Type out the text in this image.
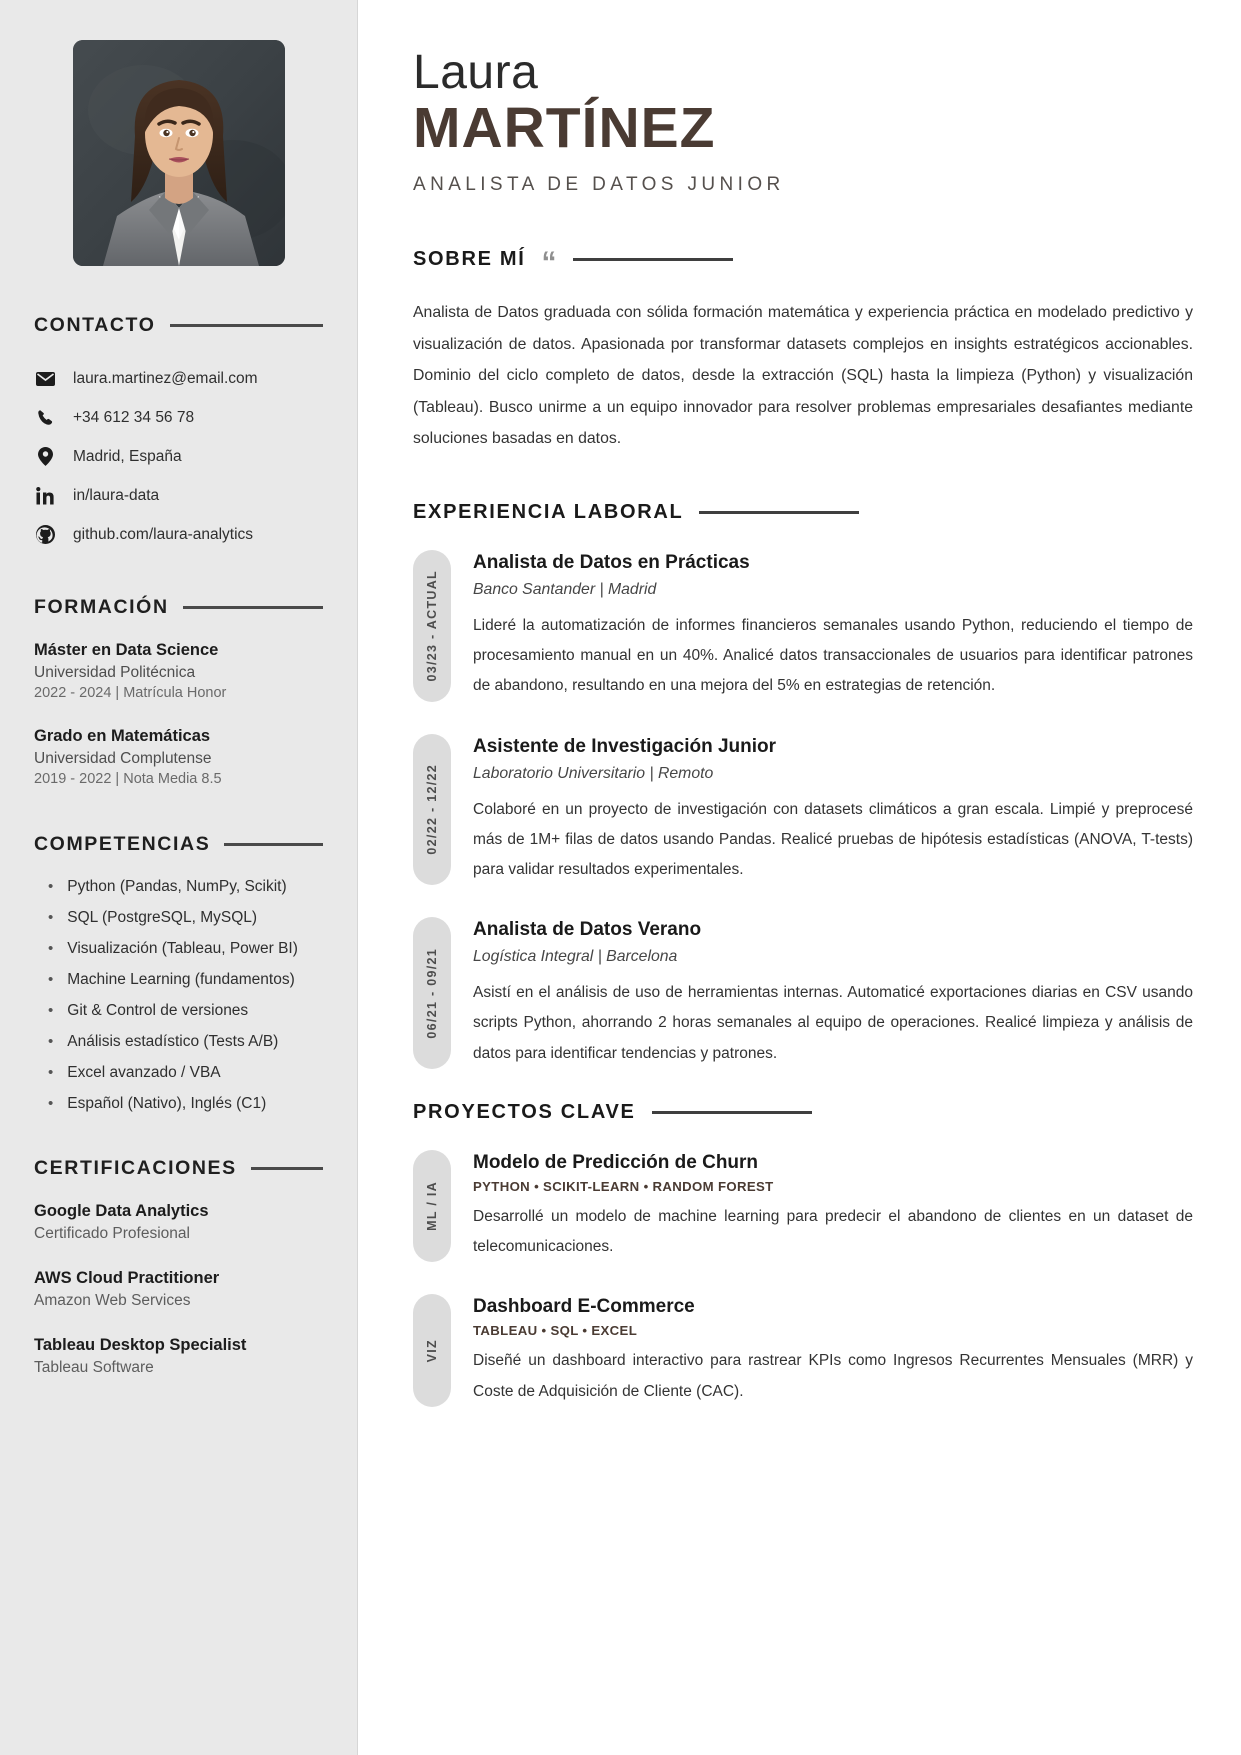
CONTACTO
laura.martinez@email.com
+34 612 34 56 78
Madrid, España
in/laura-data
github.com/laura-analytics
FORMACIÓN
Máster en Data Science
Universidad Politécnica
2022 - 2024 | Matrícula Honor
Grado en Matemáticas
Universidad Complutense
2019 - 2022 | Nota Media 8.5
COMPETENCIAS
• Python (Pandas, NumPy, Scikit)
• SQL (PostgreSQL, MySQL)
• Visualización (Tableau, Power BI)
• Machine Learning (fundamentos)
• Git & Control de versiones
• Análisis estadístico (Tests A/B)
• Excel avanzado / VBA
• Español (Nativo), Inglés (C1)
CERTIFICACIONES
Google Data Analytics
Certificado Profesional
AWS Cloud Practitioner
Amazon Web Services
Tableau Desktop Specialist
Tableau Software
Laura
MARTÍNEZ
ANALISTA DE DATOS JUNIOR
SOBRE MÍ “

Analista de Datos graduada con sólida formación matemática y experiencia práctica en modelado predictivo y visualización de datos. Apasionada por transformar datasets complejos en insights estratégicos accionables. Dominio del ciclo completo de datos, desde la extracción (SQL) hasta la limpieza (Python) y visualización (Tableau). Busco unirme a un equipo innovador para resolver problemas empresariales desafiantes mediante soluciones basadas en datos.

EXPERIENCIA LABORAL
03/23 - ACTUAL
Analista de Datos en Prácticas
Banco Santander | Madrid
Lideré la automatización de informes financieros semanales usando Python, reduciendo el tiempo de procesamiento manual en un 40%. Analicé datos transaccionales de usuarios para identificar patrones de abandono, resultando en una mejora del 5% en estrategias de retención.
02/22 - 12/22
Asistente de Investigación Junior
Laboratorio Universitario | Remoto
Colaboré en un proyecto de investigación con datasets climáticos a gran escala. Limpié y preprocesé más de 1M+ filas de datos usando Pandas. Realicé pruebas de hipótesis estadísticas (ANOVA, T-tests) para validar resultados experimentales.
06/21 - 09/21
Analista de Datos Verano
Logística Integral | Barcelona
Asistí en el análisis de uso de herramientas internas. Automaticé exportaciones diarias en CSV usando scripts Python, ahorrando 2 horas semanales al equipo de operaciones. Realicé limpieza y análisis de datos para identificar tendencias y patrones.
PROYECTOS CLAVE
ML / IA
Modelo de Predicción de Churn
PYTHON • SCIKIT-LEARN • RANDOM FOREST
Desarrollé un modelo de machine learning para predecir el abandono de clientes en un dataset de telecomunicaciones.
VIZ
Dashboard E-Commerce
TABLEAU • SQL • EXCEL
Diseñé un dashboard interactivo para rastrear KPIs como Ingresos Recurrentes Mensuales (MRR) y Coste de Adquisición de Cliente (CAC).
